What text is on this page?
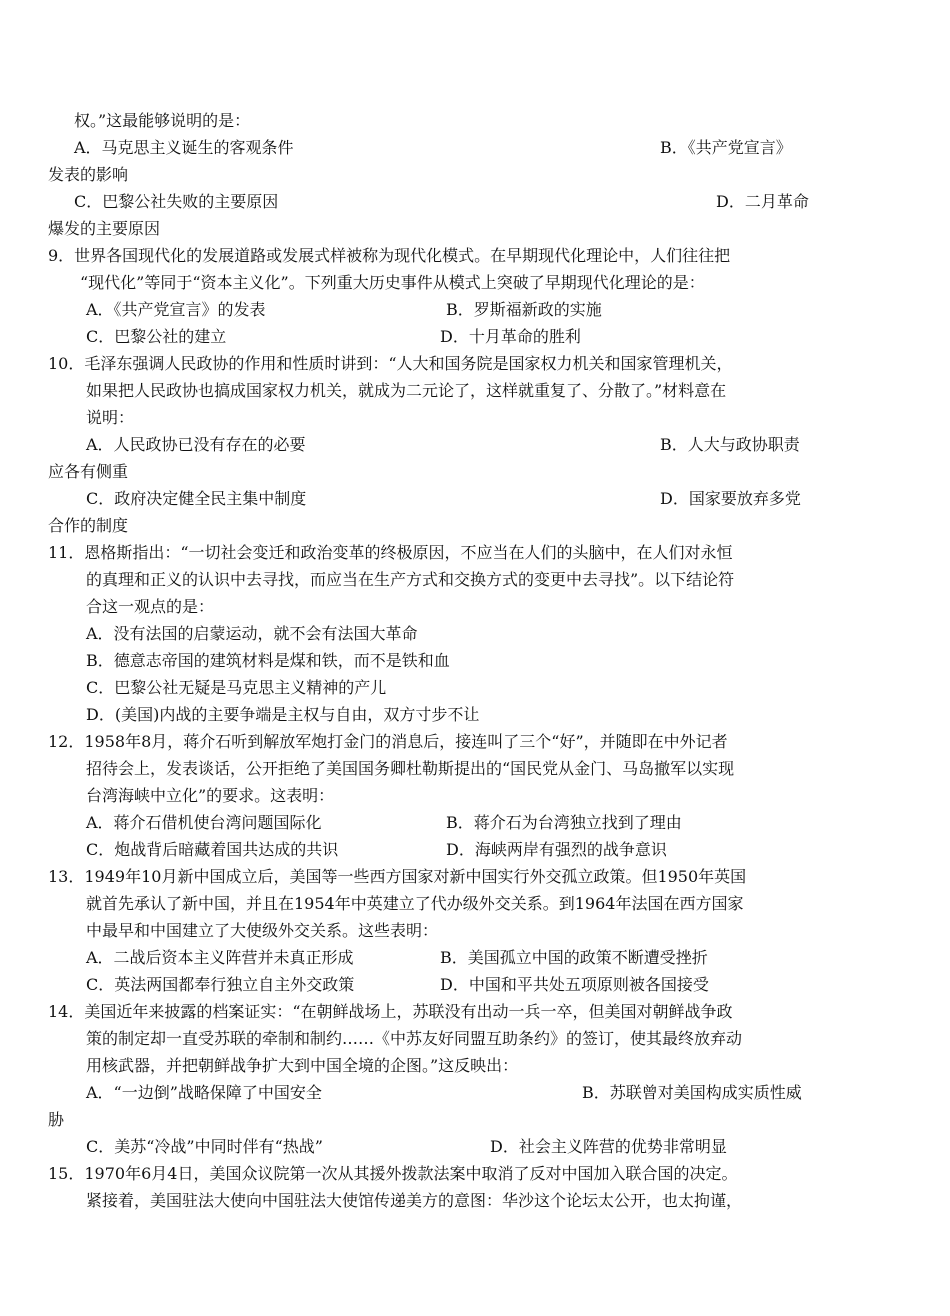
权。”这最能够说明的是：
A．马克思主义诞生的客观条件	B．《共产党宣言》
发表的影响
C．巴黎公社失败的主要原因	D．二月革命
爆发的主要原因
9．世界各国现代化的发展道路或发展式样被称为现代化模式。在早期现代化理论中，人们往往把
“现代化”等同于“资本主义化”。下列重大历史事件从模式上突破了早期现代化理论的是：
A．《共产党宣言》的发表	B．罗斯福新政的实施
C．巴黎公社的建立	D．十月革命的胜利
10．毛泽东强调人民政协的作用和性质时讲到：“人大和国务院是国家权力机关和国家管理机关，
如果把人民政协也搞成国家权力机关，就成为二元论了，这样就重复了、分散了。”材料意在
说明：
A．人民政协已没有存在的必要	B．人大与政协职责
应各有侧重
C．政府决定健全民主集中制度	D．国家要放弃多党
合作的制度
11．恩格斯指出：“一切社会变迁和政治变革的终极原因，不应当在人们的头脑中，在人们对永恒
的真理和正义的认识中去寻找，而应当在生产方式和交换方式的变更中去寻找”。以下结论符
合这一观点的是：
A．没有法国的启蒙运动，就不会有法国大革命
B．德意志帝国的建筑材料是煤和铁，而不是铁和血
C．巴黎公社无疑是马克思主义精神的产儿
D．(美国)内战的主要争端是主权与自由，双方寸步不让
12．1958年8月，蒋介石听到解放军炮打金门的消息后，接连叫了三个“好”，并随即在中外记者
招待会上，发表谈话，公开拒绝了美国国务卿杜勒斯提出的“国民党从金门、马岛撤军以实现
台湾海峡中立化”的要求。这表明：
A．蒋介石借机使台湾问题国际化	B．蒋介石为台湾独立找到了理由
C．炮战背后暗藏着国共达成的共识	D．海峡两岸有强烈的战争意识
13．1949年10月新中国成立后，美国等一些西方国家对新中国实行外交孤立政策。但1950年英国
就首先承认了新中国，并且在1954年中英建立了代办级外交关系。到1964年法国在西方国家
中最早和中国建立了大使级外交关系。这些表明：
A．二战后资本主义阵营并未真正形成	B．美国孤立中国的政策不断遭受挫折
C．英法两国都奉行独立自主外交政策	D．中国和平共处五项原则被各国接受
14．美国近年来披露的档案证实：“在朝鲜战场上，苏联没有出动一兵一卒，但美国对朝鲜战争政
策的制定却一直受苏联的牵制和制约……《中苏友好同盟互助条约》的签订，使其最终放弃动
用核武器，并把朝鲜战争扩大到中国全境的企图。”这反映出：
A．“一边倒”战略保障了中国安全	B．苏联曾对美国构成实质性威
胁
C．美苏“冷战”中同时伴有“热战”	D．社会主义阵营的优势非常明显
15．1970年6月4日，美国众议院第一次从其援外拨款法案中取消了反对中国加入联合国的决定。
紧接着，美国驻法大使向中国驻法大使馆传递美方的意图：华沙这个论坛太公开，也太拘谨，
